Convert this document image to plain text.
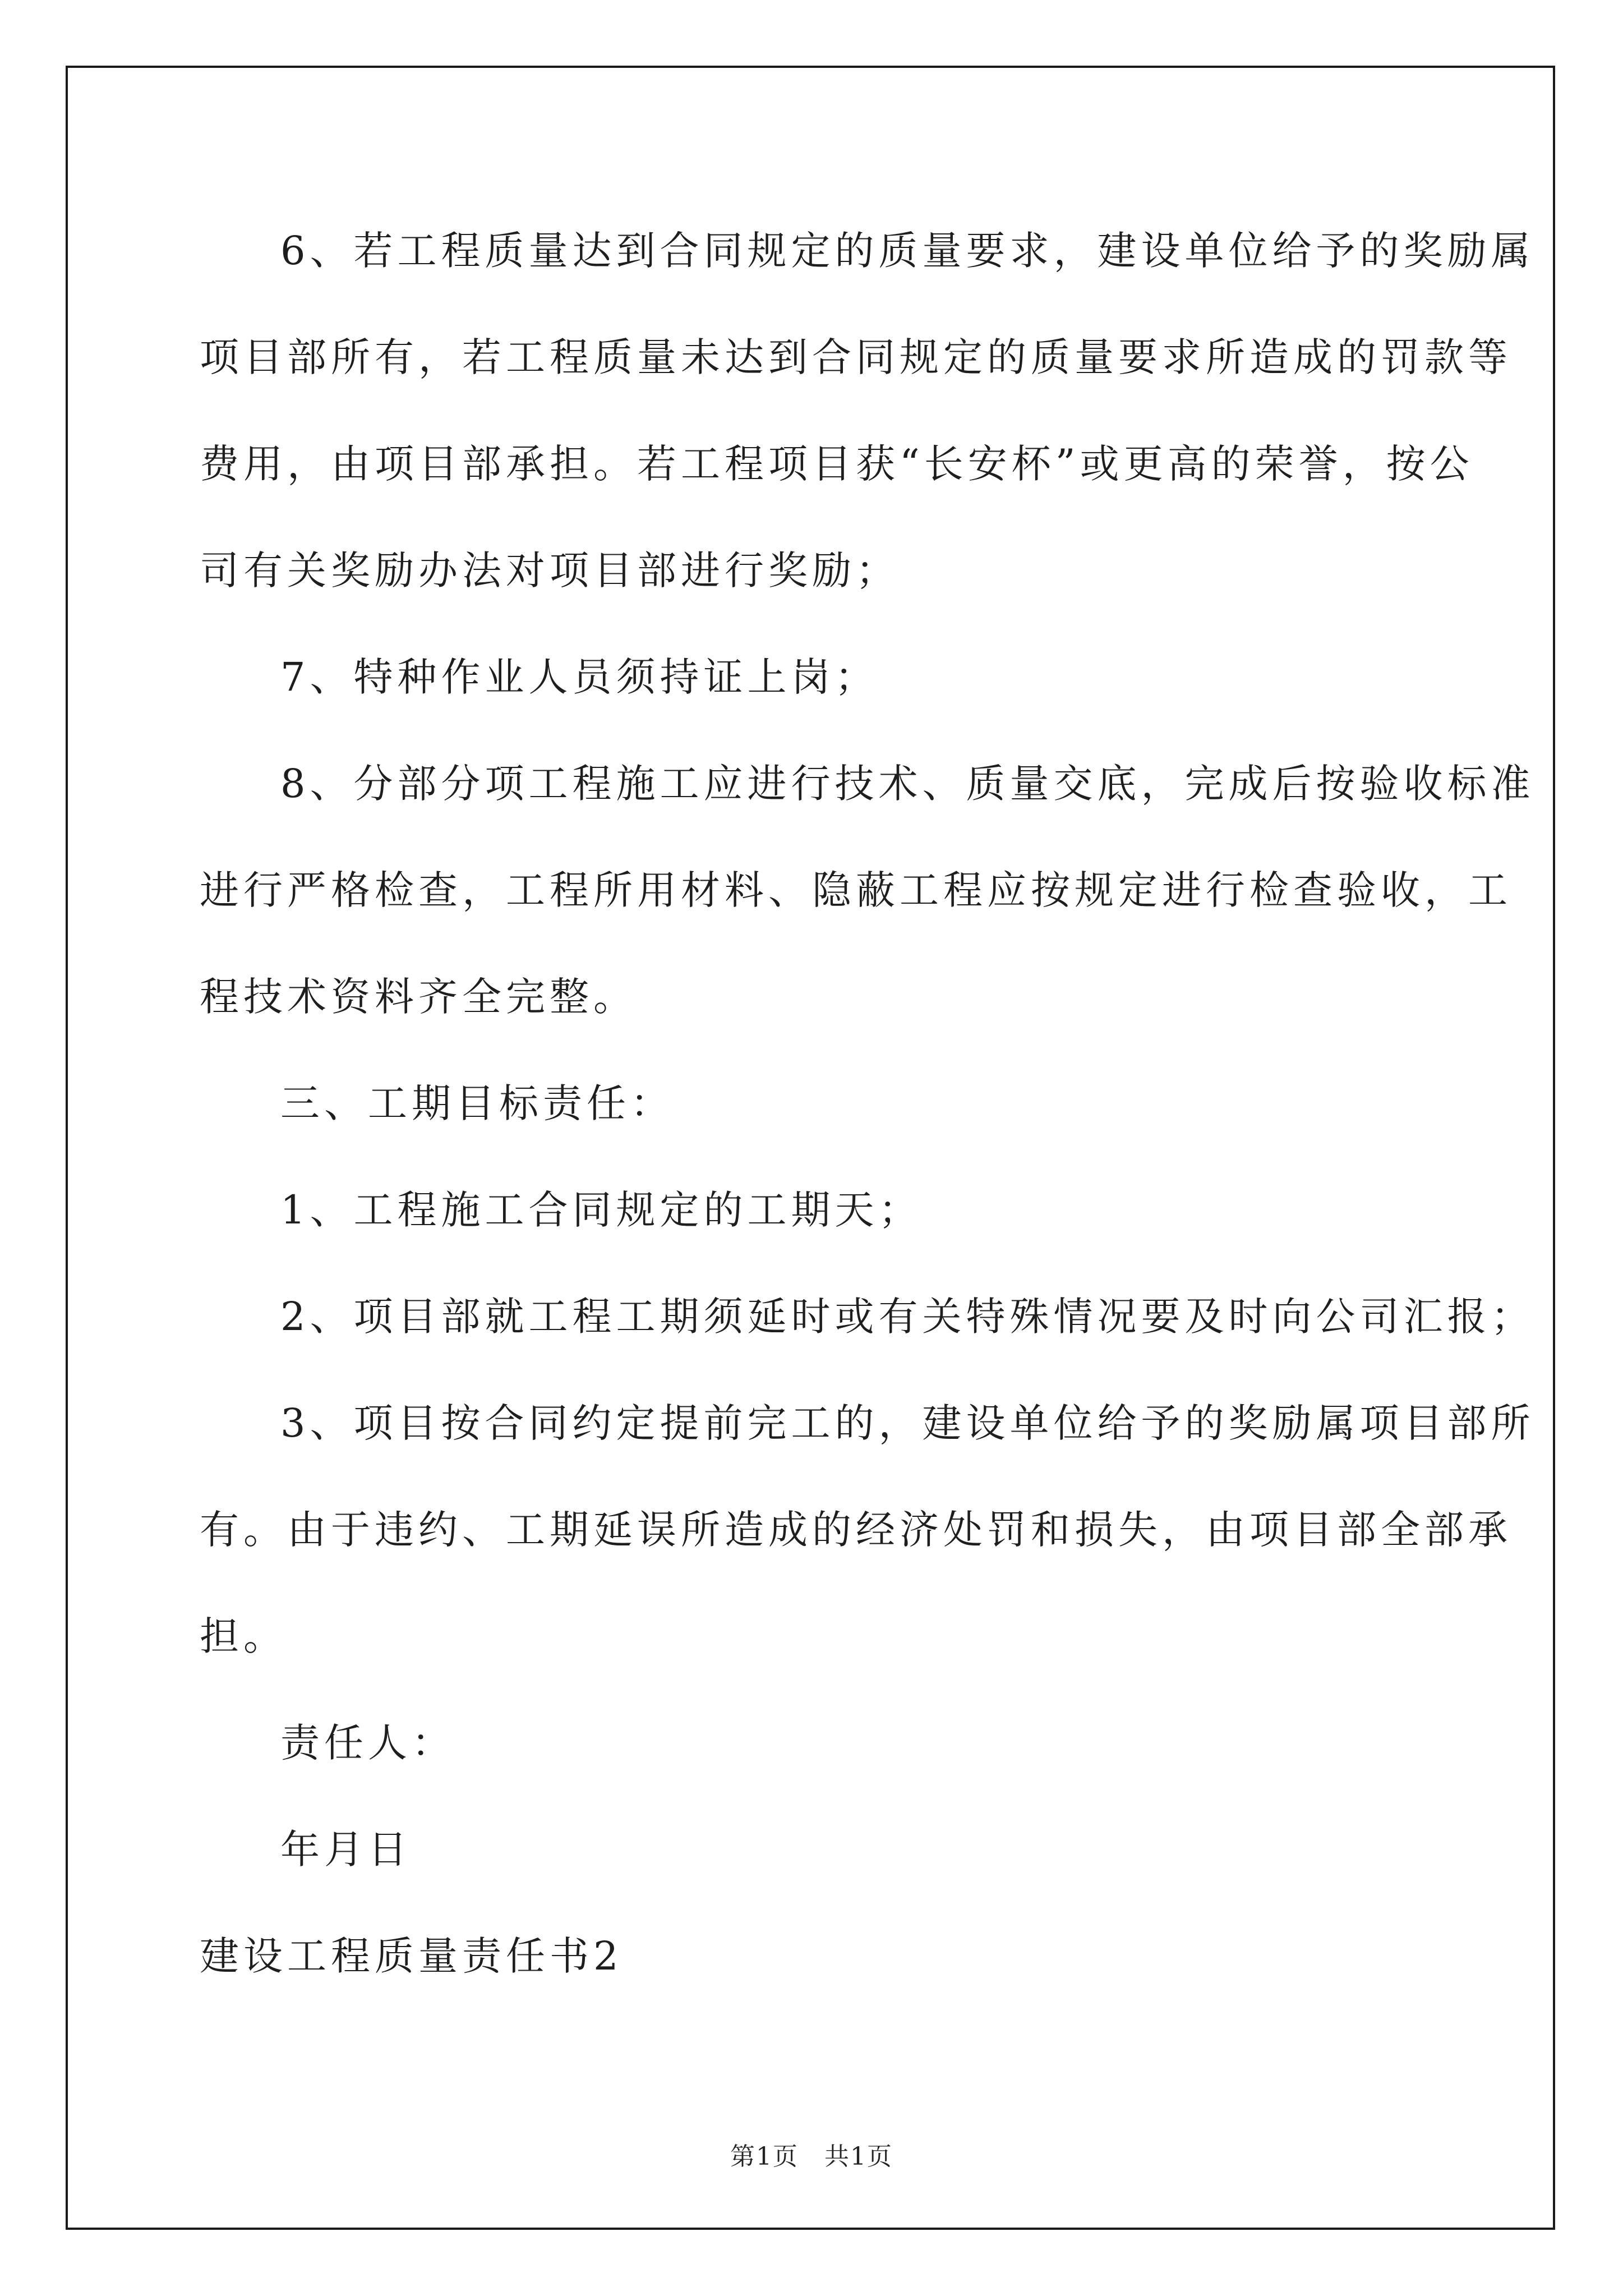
6、若工程质量达到合同规定的质量要求，建设单位给予的奖励属
项目部所有，若工程质量未达到合同规定的质量要求所造成的罚款等
费用，由项目部承担。若工程项目获“长安杯”或更高的荣誉，按公
司有关奖励办法对项目部进行奖励；
7、特种作业人员须持证上岗；
8、分部分项工程施工应进行技术、质量交底，完成后按验收标准
进行严格检查，工程所用材料、隐蔽工程应按规定进行检查验收，工
程技术资料齐全完整。
三、工期目标责任：
1、工程施工合同规定的工期天；
2、项目部就工程工期须延时或有关特殊情况要及时向公司汇报；
3、项目按合同约定提前完工的，建设单位给予的奖励属项目部所
有。由于违约、工期延误所造成的经济处罚和损失，由项目部全部承
担。
责任人：
年月日
建设工程质量责任书2
第1页　共1页
